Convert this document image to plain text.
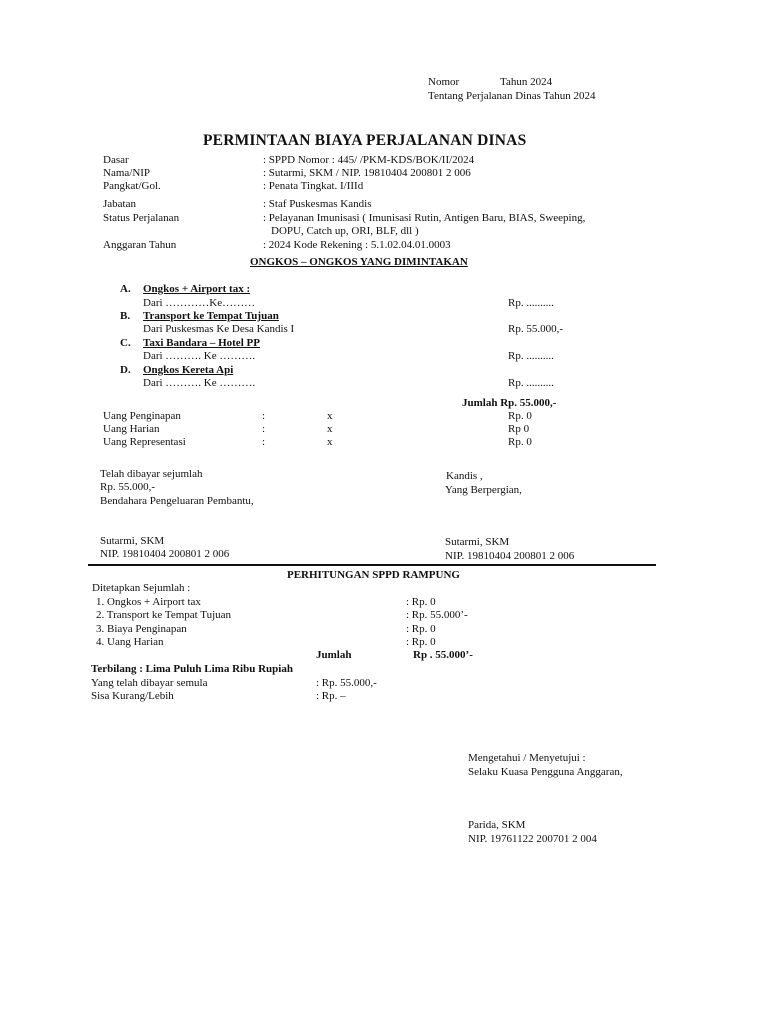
Nomor	Tahun 2024
Tentang Perjalanan Dinas Tahun 2024
PERMINTAAN BIAYA PERJALANAN DINAS
Dasar	: SPPD Nomor : 445/ /PKM-KDS/BOK/II/2024
Nama/NIP	: Sutarmi, SKM / NIP. 19810404 200801 2 006
Pangkat/Gol.	: Penata Tingkat. I/IIId
Jabatan	: Staf Puskesmas Kandis
Status Perjalanan	: Pelayanan Imunisasi ( Imunisasi Rutin, Antigen Baru, BIAS, Sweeping,
DOPU, Catch up, ORI, BLF, dll )
Anggaran Tahun	: 2024 Kode Rekening : 5.1.02.04.01.0003
ONGKOS – ONGKOS YANG DIMINTAKAN
A. Ongkos + Airport tax :
Dari …………Ke………	Rp. ..........
B. Transport ke Tempat Tujuan
Dari Puskesmas Ke Desa Kandis I	Rp. 55.000,-
C. Taxi Bandara – Hotel PP
Dari ………. Ke ……….	Rp. ..........
D. Ongkos Kereta Api
Dari ………. Ke ……….	Rp. ..........
Jumlah Rp. 55.000,-
Uang Penginapan	:	x	Rp. 0
Uang Harian	:	x	Rp 0
Uang Representasi	:	x	Rp. 0
Telah dibayar sejumlah
Rp. 55.000,-
Bendahara Pengeluaran Pembantu,
Sutarmi, SKM
NIP. 19810404 200801 2 006
Kandis ,
Yang Berpergian,
Sutarmi, SKM
NIP. 19810404 200801 2 006
PERHITUNGAN SPPD RAMPUNG
Ditetapkan Sejumlah :
1. Ongkos + Airport tax	: Rp. 0
2. Transport ke Tempat Tujuan	: Rp. 55.000’-
3. Biaya Penginapan	: Rp. 0
4. Uang Harian	: Rp. 0
Jumlah	Rp . 55.000’-
Terbilang : Lima Puluh Lima Ribu Rupiah
Yang telah dibayar semula	: Rp. 55.000,-
Sisa Kurang/Lebih	: Rp. –
Mengetahui / Menyetujui :
Selaku Kuasa Pengguna Anggaran,
Parida, SKM
NIP. 19761122 200701 2 004
